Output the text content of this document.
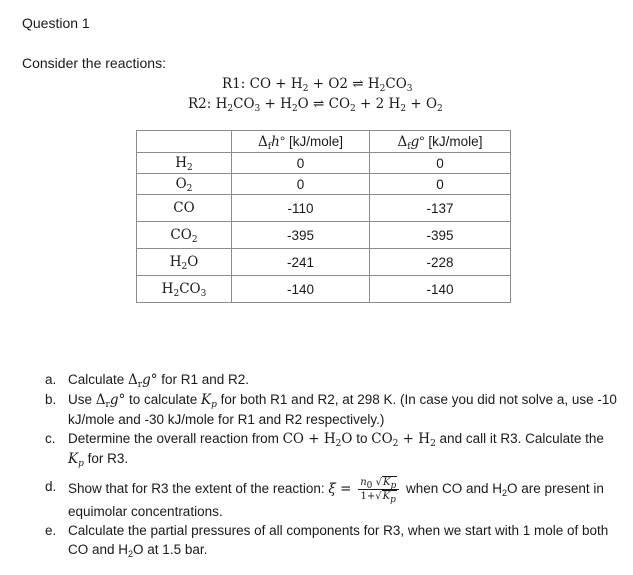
Question 1
Consider the reactions:
R1: CO + $H_2 + O2$ ⇌ $H_2CO_3$
R2: $H_2CO_3 + H_2O$ ⇌ $CO_2 + 2$ $H_2 + O_2$
	$\Delta_fh^\circ$ [kJ/mole]	$\Delta_fg^\circ$ [kJ/mole]
$H_2$	0	0
$O_2$	0	0
CO	-110	-137
$CO_2$	-395	-395
$H_2O$	-241	-228
$H_2CO_3$	-140	-140
a. Calculate $\Delta_rg^\circ$ for R1 and R2.
b. Use $\Delta_rg^\circ$ to calculate $K_p$ for both R1 and R2, at 298 K. (In case you did not solve a, use -10 kJ/mole and -30 kJ/mole for R1 and R2 respectively.)
c. Determine the overall reaction from CO + $H_2O$ to $CO_2 + H_2$ and call it R3. Calculate the $K_p$ for R3.
d. Show that for R3 the extent of the reaction: $\xi = \frac{n_0 √K_p}{1+√K_p}$ when CO and $H_2O$ are present in equimolar concentrations.
e. Calculate the partial pressures of all components for R3, when we start with 1 mole of both CO and $H_2O$ at 1.5 bar.
